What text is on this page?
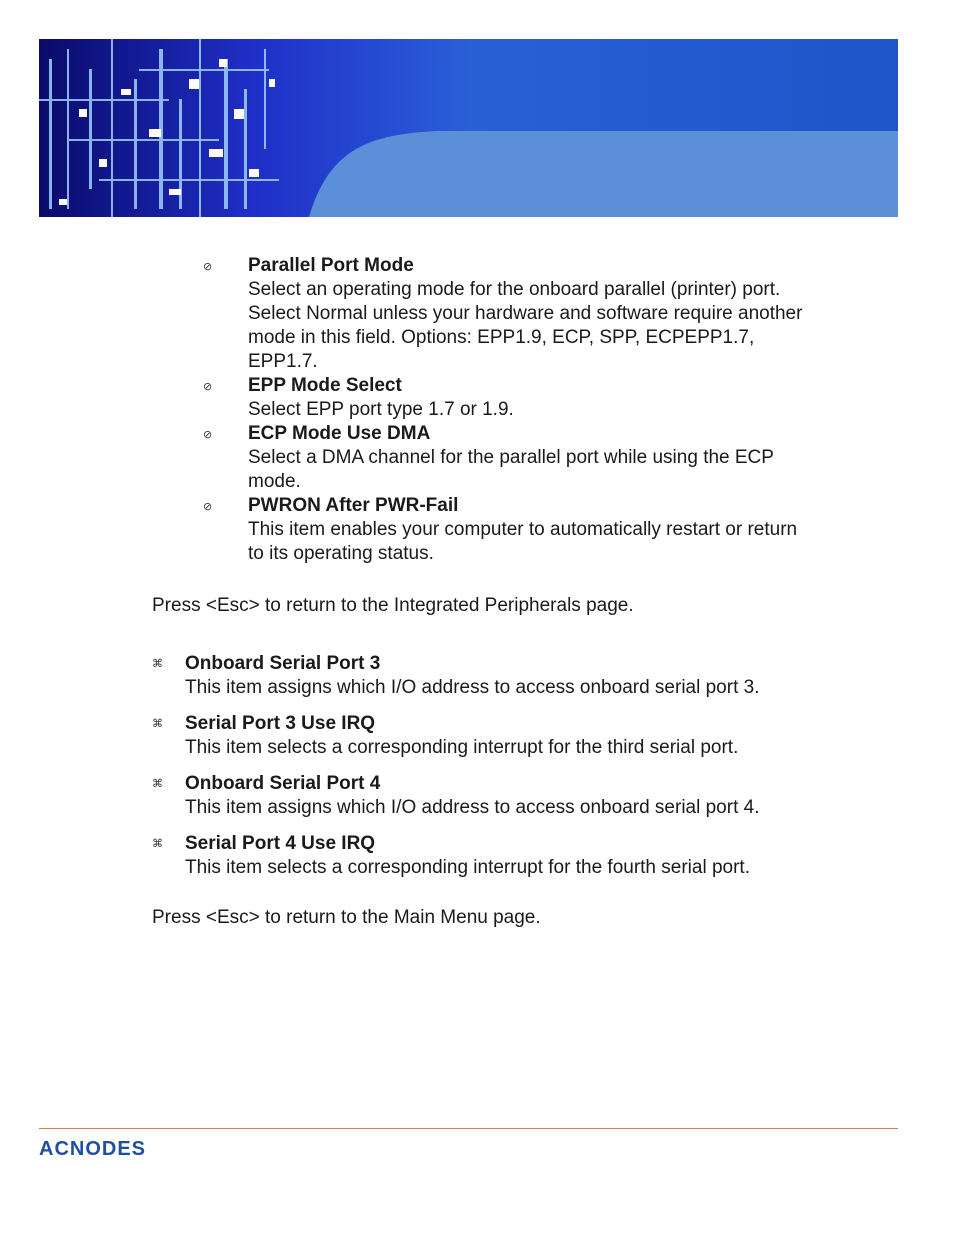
⊘ Parallel Port Mode
Select an operating mode for the onboard parallel (printer) port. Select Normal unless your hardware and software require another mode in this field. Options: EPP1.9, ECP, SPP, ECPEPP1.7, EPP1.7.
⊘ EPP Mode Select
Select EPP port type 1.7 or 1.9.
⊘ ECP Mode Use DMA
Select a DMA channel for the parallel port while using the ECP mode.
⊘ PWRON After PWR-Fail
This item enables your computer to automatically restart or return to its operating status.
Press <Esc> to return to the Integrated Peripherals page.
⌘ Onboard Serial Port 3
This item assigns which I/O address to access onboard serial port 3.
⌘ Serial Port 3 Use IRQ
This item selects a corresponding interrupt for the third serial port.
⌘ Onboard Serial Port 4
This item assigns which I/O address to access onboard serial port 4.
⌘ Serial Port 4 Use IRQ
This item selects a corresponding interrupt for the fourth serial port.
Press <Esc> to return to the Main Menu page.
ACNODES
